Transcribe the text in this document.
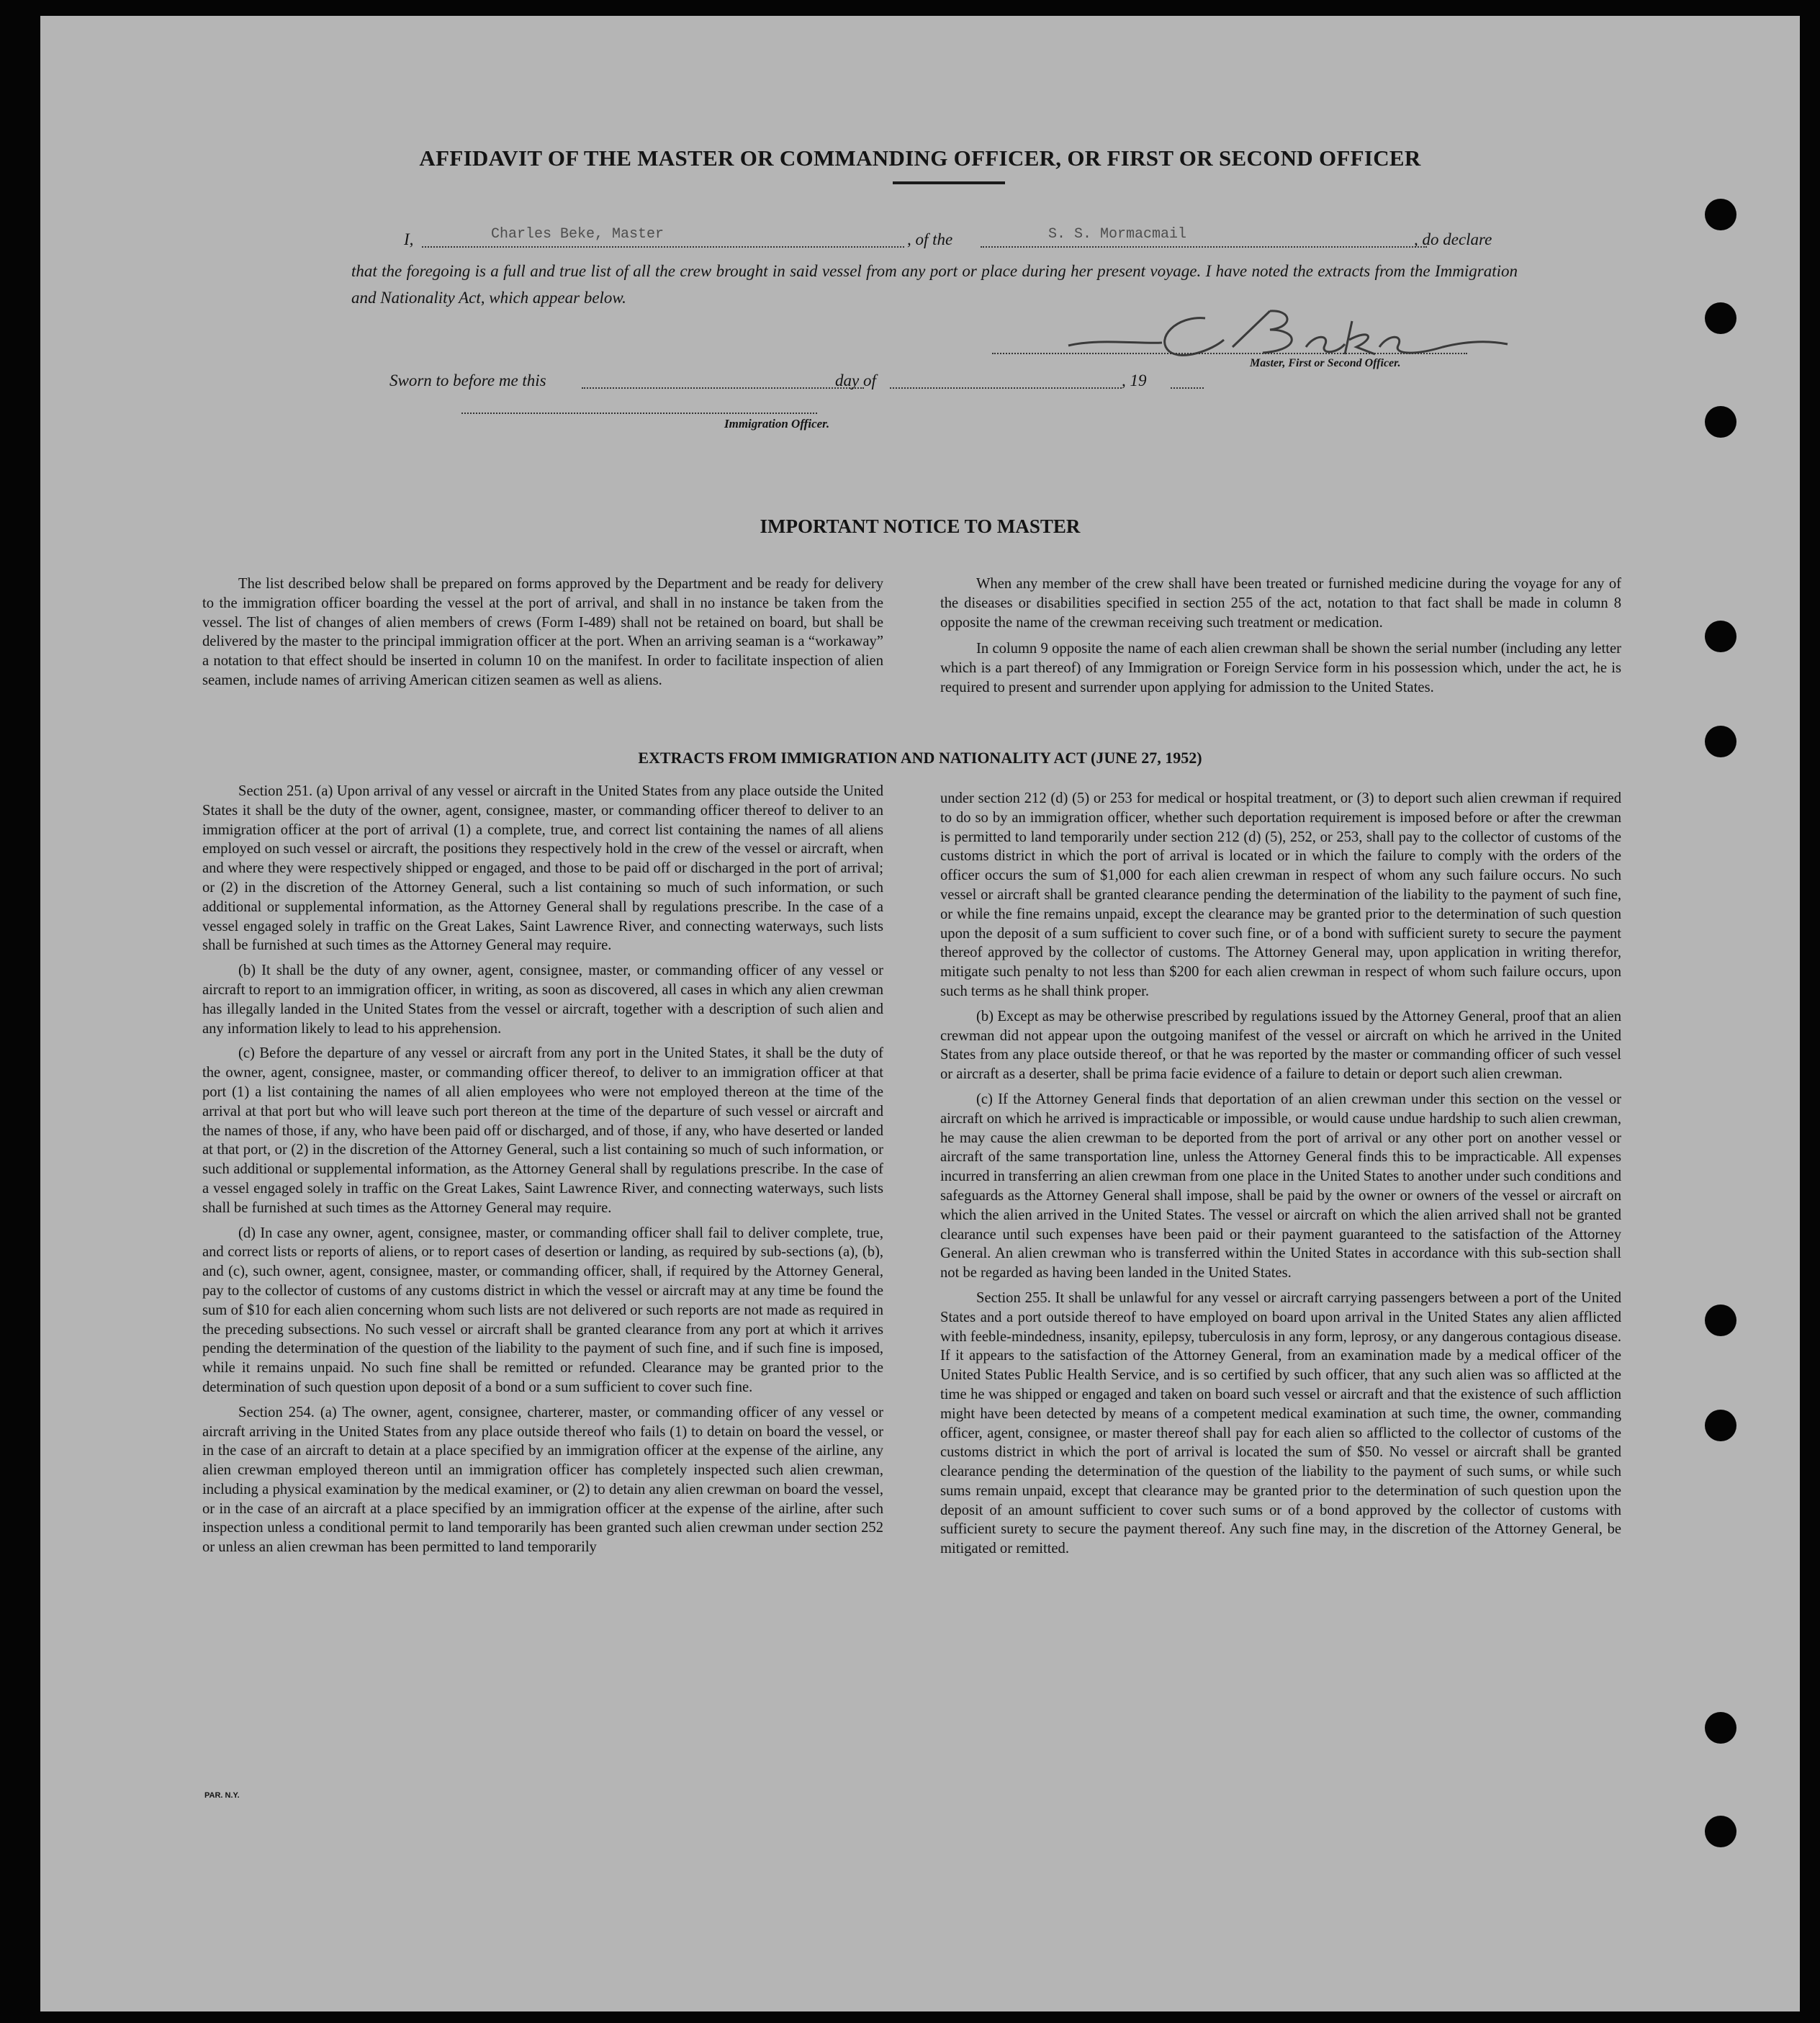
AFFIDAVIT OF THE MASTER OR COMMANDING OFFICER, OR FIRST OR SECOND OFFICER
I,	Charles Beke, Master	, of the	S. S. Mormacmail	, do declare
that the foregoing is a full and true list of all the crew brought in said vessel from any port or place during her present voyage. I have noted the extracts from the Immigration and Nationality Act, which appear below.
Master, First or Second Officer.
Sworn to before me this	day of	, 19
Immigration Officer.
IMPORTANT NOTICE TO MASTER

The list described below shall be prepared on forms approved by the Department and be ready for delivery to the immigration officer boarding the vessel at the port of arrival, and shall in no instance be taken from the vessel. The list of changes of alien members of crews (Form I-489) shall not be retained on board, but shall be delivered by the master to the principal immigration officer at the port. When an arriving seaman is a “workaway” a notation to that effect should be inserted in column 10 on the manifest. In order to facilitate inspection of alien seamen, include names of arriving American citizen seamen as well as aliens.

When any member of the crew shall have been treated or furnished medicine during the voyage for any of the diseases or disabilities specified in section 255 of the act, notation to that fact shall be made in column 8 opposite the name of the crewman receiving such treatment or medication.

In column 9 opposite the name of each alien crewman shall be shown the serial number (including any letter which is a part thereof) of any Immigration or Foreign Service form in his possession which, under the act, he is required to present and surrender upon applying for admission to the United States.

EXTRACTS FROM IMMIGRATION AND NATIONALITY ACT (JUNE 27, 1952)

Section 251. (a) Upon arrival of any vessel or aircraft in the United States from any place outside the United States it shall be the duty of the owner, agent, consignee, master, or commanding officer thereof to deliver to an immigration officer at the port of arrival (1) a complete, true, and correct list containing the names of all aliens employed on such vessel or aircraft, the positions they respectively hold in the crew of the vessel or aircraft, when and where they were respectively shipped or engaged, and those to be paid off or discharged in the port of arrival; or (2) in the discretion of the Attorney General, such a list containing so much of such information, or such additional or supplemental information, as the Attorney General shall by regulations prescribe. In the case of a vessel engaged solely in traffic on the Great Lakes, Saint Lawrence River, and connecting waterways, such lists shall be furnished at such times as the Attorney General may require.

(b) It shall be the duty of any owner, agent, consignee, master, or commanding officer of any vessel or aircraft to report to an immigration officer, in writing, as soon as discovered, all cases in which any alien crewman has illegally landed in the United States from the vessel or aircraft, together with a description of such alien and any information likely to lead to his apprehension.

(c) Before the departure of any vessel or aircraft from any port in the United States, it shall be the duty of the owner, agent, consignee, master, or commanding officer thereof, to deliver to an immigration officer at that port (1) a list containing the names of all alien employees who were not employed thereon at the time of the arrival at that port but who will leave such port thereon at the time of the departure of such vessel or aircraft and the names of those, if any, who have been paid off or discharged, and of those, if any, who have deserted or landed at that port, or (2) in the discretion of the Attorney General, such a list containing so much of such information, or such additional or supplemental information, as the Attorney General shall by regulations prescribe. In the case of a vessel engaged solely in traffic on the Great Lakes, Saint Lawrence River, and connecting waterways, such lists shall be furnished at such times as the Attorney General may require.

(d) In case any owner, agent, consignee, master, or commanding officer shall fail to deliver complete, true, and correct lists or reports of aliens, or to report cases of desertion or landing, as required by sub-sections (a), (b), and (c), such owner, agent, consignee, master, or commanding officer, shall, if required by the Attorney General, pay to the collector of customs of any customs district in which the vessel or aircraft may at any time be found the sum of $10 for each alien concerning whom such lists are not delivered or such reports are not made as required in the preceding subsections. No such vessel or aircraft shall be granted clearance from any port at which it arrives pending the determination of the question of the liability to the payment of such fine, and if such fine is imposed, while it remains unpaid. No such fine shall be remitted or refunded. Clearance may be granted prior to the determination of such question upon deposit of a bond or a sum sufficient to cover such fine.

Section 254. (a) The owner, agent, consignee, charterer, master, or commanding officer of any vessel or aircraft arriving in the United States from any place outside thereof who fails (1) to detain on board the vessel, or in the case of an aircraft to detain at a place specified by an immigration officer at the expense of the airline, any alien crewman employed thereon until an immigration officer has completely inspected such alien crewman, including a physical examination by the medical examiner, or (2) to detain any alien crewman on board the vessel, or in the case of an aircraft at a place specified by an immigration officer at the expense of the airline, after such inspection unless a conditional permit to land temporarily has been granted such alien crewman under section 252 or unless an alien crewman has been permitted to land temporarily

under section 212 (d) (5) or 253 for medical or hospital treatment, or (3) to deport such alien crewman if required to do so by an immigration officer, whether such deportation requirement is imposed before or after the crewman is permitted to land temporarily under section 212 (d) (5), 252, or 253, shall pay to the collector of customs of the customs district in which the port of arrival is located or in which the failure to comply with the orders of the officer occurs the sum of $1,000 for each alien crewman in respect of whom any such failure occurs. No such vessel or aircraft shall be granted clearance pending the determination of the liability to the payment of such fine, or while the fine remains unpaid, except the clearance may be granted prior to the determination of such question upon the deposit of a sum sufficient to cover such fine, or of a bond with sufficient surety to secure the payment thereof approved by the collector of customs. The Attorney General may, upon application in writing therefor, mitigate such penalty to not less than $200 for each alien crewman in respect of whom such failure occurs, upon such terms as he shall think proper.

(b) Except as may be otherwise prescribed by regulations issued by the Attorney General, proof that an alien crewman did not appear upon the outgoing manifest of the vessel or aircraft on which he arrived in the United States from any place outside thereof, or that he was reported by the master or commanding officer of such vessel or aircraft as a deserter, shall be prima facie evidence of a failure to detain or deport such alien crewman.

(c) If the Attorney General finds that deportation of an alien crewman under this section on the vessel or aircraft on which he arrived is impracticable or impossible, or would cause undue hardship to such alien crewman, he may cause the alien crewman to be deported from the port of arrival or any other port on another vessel or aircraft of the same transportation line, unless the Attorney General finds this to be impracticable. All expenses incurred in transferring an alien crewman from one place in the United States to another under such conditions and safeguards as the Attorney General shall impose, shall be paid by the owner or owners of the vessel or aircraft on which the alien arrived in the United States. The vessel or aircraft on which the alien arrived shall not be granted clearance until such expenses have been paid or their payment guaranteed to the satisfaction of the Attorney General. An alien crewman who is transferred within the United States in accordance with this sub-section shall not be regarded as having been landed in the United States.

Section 255. It shall be unlawful for any vessel or aircraft carrying passengers between a port of the United States and a port outside thereof to have employed on board upon arrival in the United States any alien afflicted with feeble-mindedness, insanity, epilepsy, tuberculosis in any form, leprosy, or any dangerous contagious disease. If it appears to the satisfaction of the Attorney General, from an examination made by a medical officer of the United States Public Health Service, and is so certified by such officer, that any such alien was so afflicted at the time he was shipped or engaged and taken on board such vessel or aircraft and that the existence of such affliction might have been detected by means of a competent medical examination at such time, the owner, commanding officer, agent, consignee, or master thereof shall pay for each alien so afflicted to the collector of customs of the customs district in which the port of arrival is located the sum of $50. No vessel or aircraft shall be granted clearance pending the determination of the question of the liability to the payment of such sums, or while such sums remain unpaid, except that clearance may be granted prior to the determination of such question upon the deposit of an amount sufficient to cover such sums or of a bond approved by the collector of customs with sufficient surety to secure the payment thereof. Any such fine may, in the discretion of the Attorney General, be mitigated or remitted.

PAR. N.Y.
